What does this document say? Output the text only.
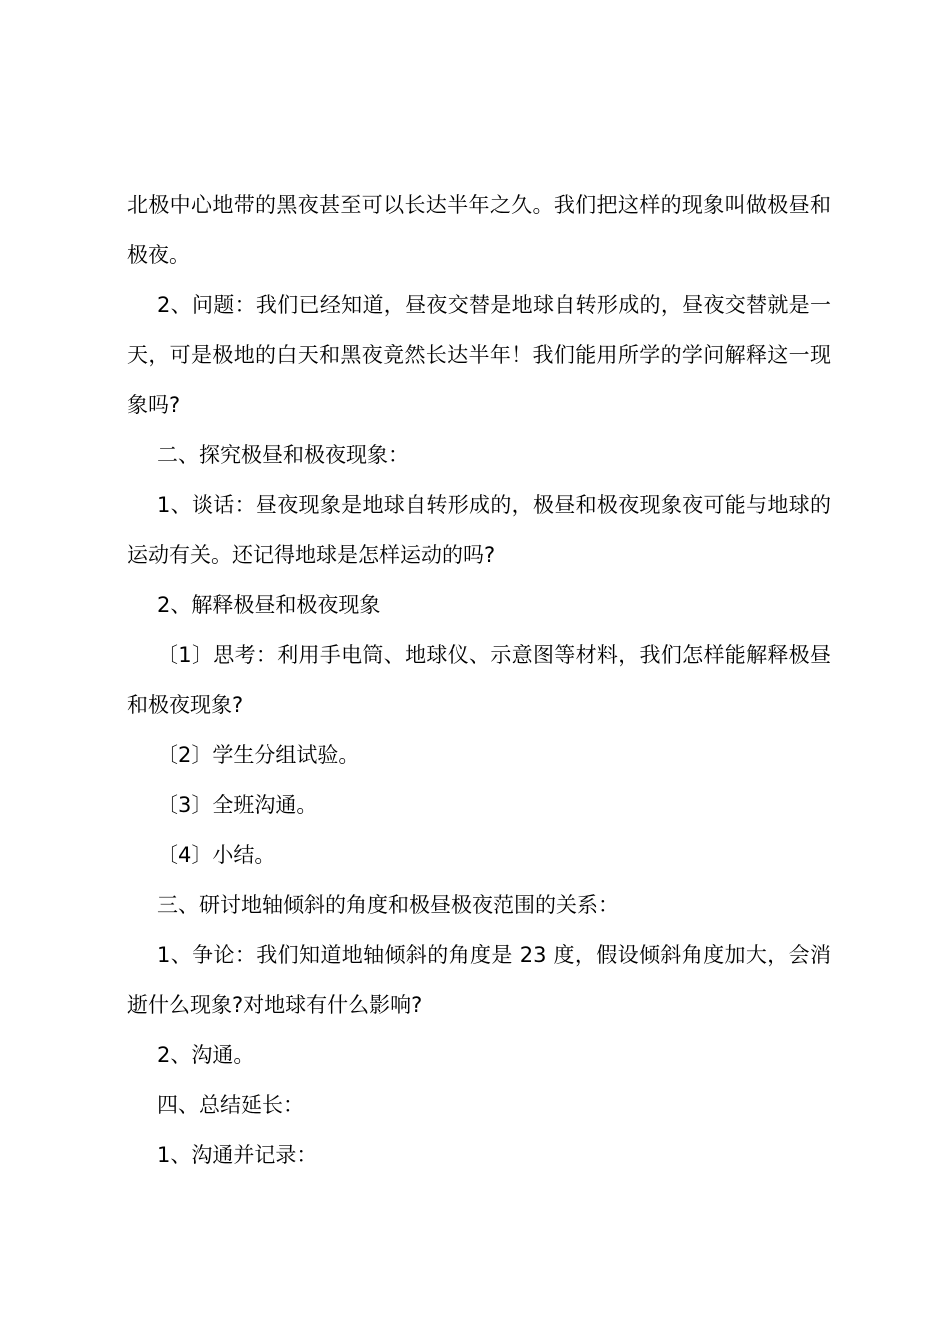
北极中心地带的黑夜甚至可以长达半年之久。我们把这样的现象叫做极昼和极夜。

2、问题：我们已经知道，昼夜交替是地球自转形成的，昼夜交替就是一天，可是极地的白天和黑夜竟然长达半年！我们能用所学的学问解释这一现象吗?

二、探究极昼和极夜现象：

1、谈话：昼夜现象是地球自转形成的，极昼和极夜现象夜可能与地球的运动有关。还记得地球是怎样运动的吗?

2、解释极昼和极夜现象

〔1〕思考：利用手电筒、地球仪、示意图等材料，我们怎样能解释极昼和极夜现象?

〔2〕学生分组试验。

〔3〕全班沟通。

〔4〕小结。

三、研讨地轴倾斜的角度和极昼极夜范围的关系：

1、争论：我们知道地轴倾斜的角度是 23 度，假设倾斜角度加大，会消逝什么现象?对地球有什么影响?

2、沟通。

四、总结延长：

1、沟通并记录：
